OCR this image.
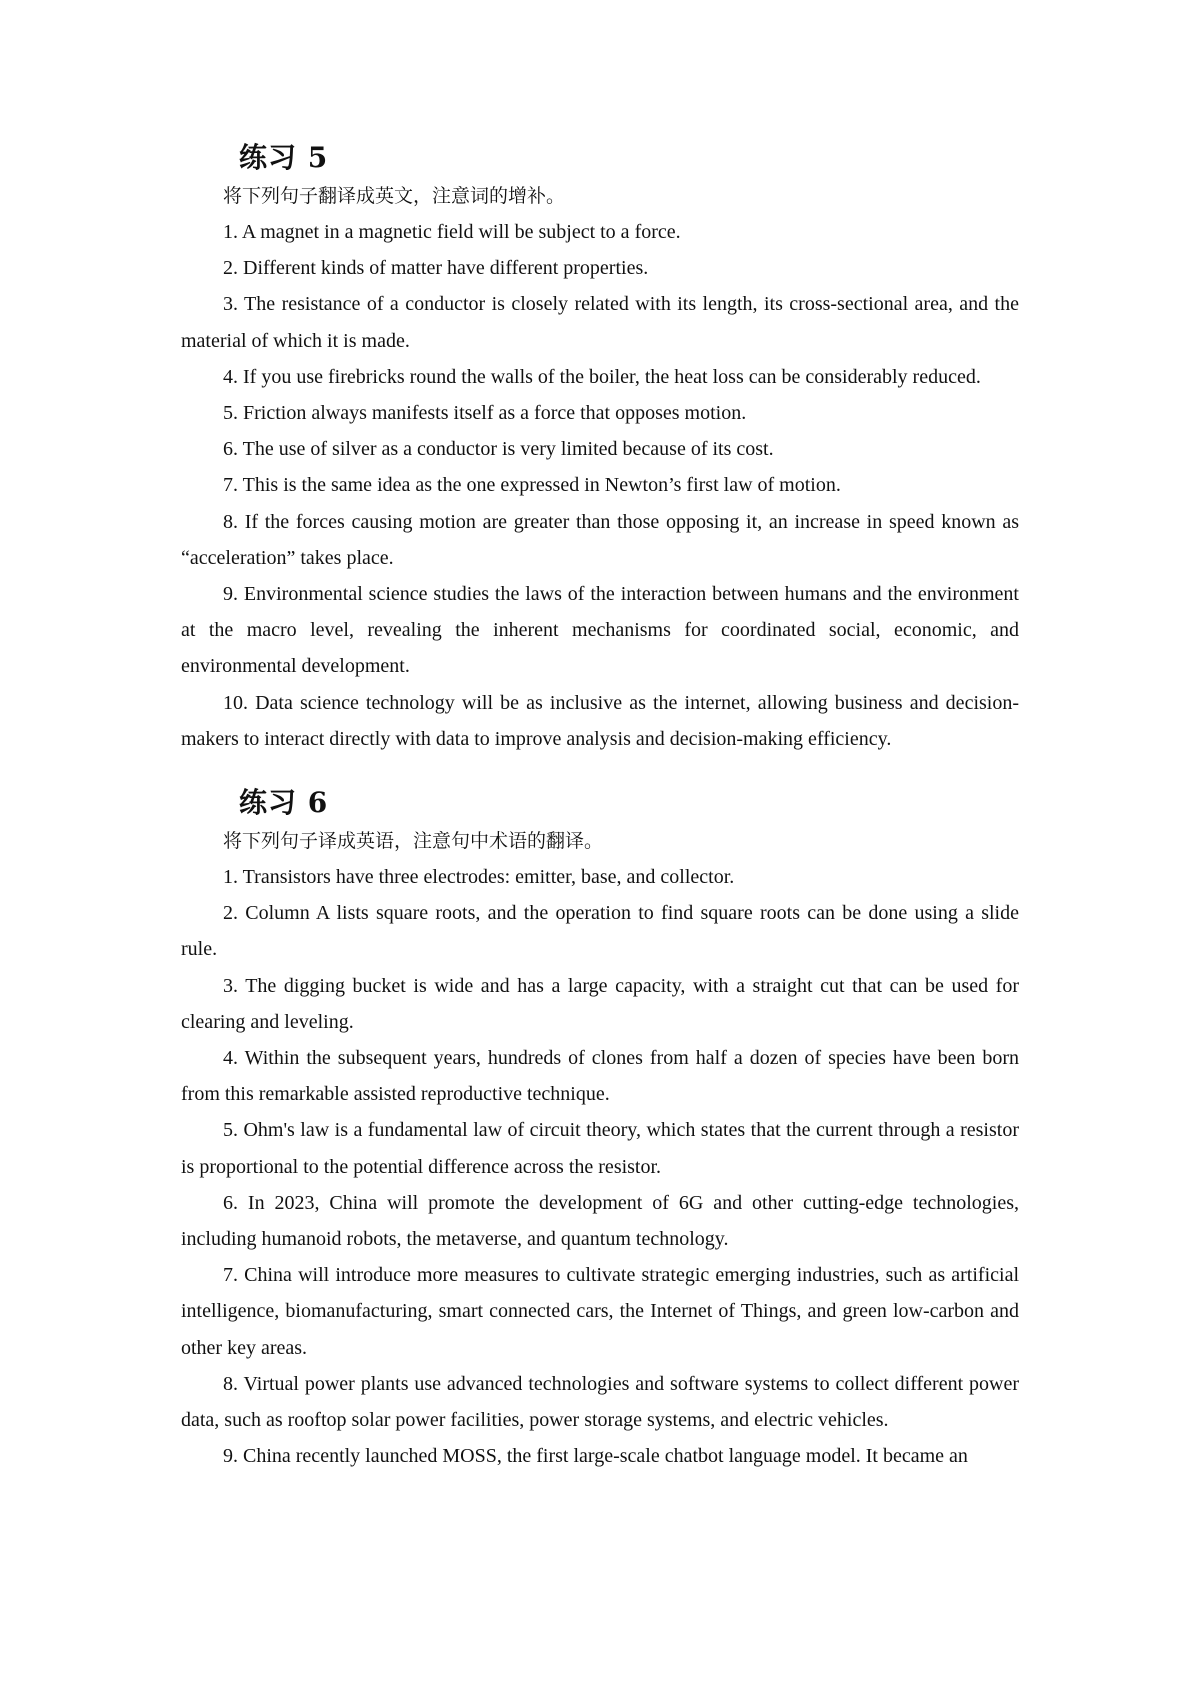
练习 5

将下列句子翻译成英文，注意词的增补。

1. A magnet in a magnetic field will be subject to a force.

2. Different kinds of matter have different properties.

3. The resistance of a conductor is closely related with its length, its cross-sectional area, and the material of which it is made.

4. If you use firebricks round the walls of the boiler, the heat loss can be considerably reduced.

5. Friction always manifests itself as a force that opposes motion.

6. The use of silver as a conductor is very limited because of its cost.

7. This is the same idea as the one expressed in Newton’s first law of motion.

8. If the forces causing motion are greater than those opposing it, an increase in speed known as “acceleration” takes place.

9. Environmental science studies the laws of the interaction between humans and the environment at the macro level, revealing the inherent mechanisms for coordinated social, economic, and environmental development.

10. Data science technology will be as inclusive as the internet, allowing business and decision-makers to interact directly with data to improve analysis and decision-making efficiency.

练习 6

将下列句子译成英语，注意句中术语的翻译。

1. Transistors have three electrodes: emitter, base, and collector.

2. Column A lists square roots, and the operation to find square roots can be done using a slide rule.

3. The digging bucket is wide and has a large capacity, with a straight cut that can be used for clearing and leveling.

4. Within the subsequent years, hundreds of clones from half a dozen of species have been born from this remarkable assisted reproductive technique.

5. Ohm's law is a fundamental law of circuit theory, which states that the current through a resistor is proportional to the potential difference across the resistor.

6. In 2023, China will promote the development of 6G and other cutting-edge technologies, including humanoid robots, the metaverse, and quantum technology.

7. China will introduce more measures to cultivate strategic emerging industries, such as artificial intelligence, biomanufacturing, smart connected cars, the Internet of Things, and green low-carbon and other key areas.

8. Virtual power plants use advanced technologies and software systems to collect different power data, such as rooftop solar power facilities, power storage systems, and electric vehicles.

9. China recently launched MOSS, the first large-scale chatbot language model. It became an
